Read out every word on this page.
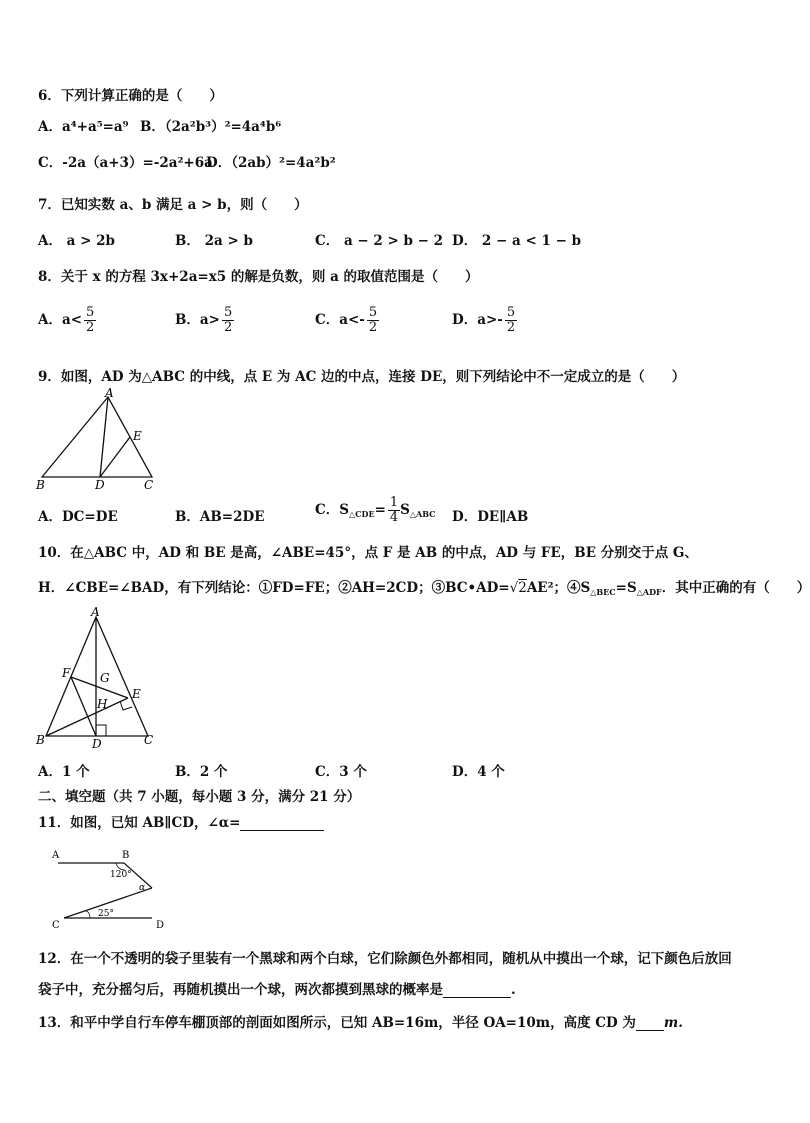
6．下列计算正确的是（　　）
A．a⁴+a⁵=a⁹ B．（2a²b³）²=4a⁴b⁶
C．-2a（a+3）=-2a²+6a
D．（2ab）²=4a²b²
7．已知实数 a、b 满足 a > b，则（　　）
A． a > 2b	B． 2a > b	C． a − 2 > b − 2 D． 2 − a < 1 − b
8．关于 x 的方程 3x+2a=x5 的解是负数，则 a 的取值范围是（　　）
A．$a< \frac{5}{2}$	B．$a> \frac{5}{2}$	C．$a<- \frac{5}{2}$	D．$a>- \frac{5}{2}$
9．如图，AD 为△ABC 的中线，点 E 为 AC 边的中点，连接 DE，则下列结论中不一定成立的是（　　）
A
B	C
D
E
A．DC=DE	B．AB=2DE	C．$S_{\triangle CDE}= \frac{1}{4} S_{\triangle ABC}$ D．DE∥AB
10．在△ABC 中，AD 和 BE 是高，∠ABE=45°，点 F 是 AB 的中点，AD 与 FE，BE 分别交于点 G、
H．∠CBE=∠BAD，有下列结论：①FD=FE；②AH=2CD；③BC•AD=√2AE²；$④S_{\triangle BEC}=S_{\triangle ADF}$．其中正确的有（　　）
A
B	C
D
E
F G
H
A．1 个	B．2 个	C．3 个	D．4 个
二、填空题（共 7 小题，每小题 3 分，满分 21 分）
11．如图，已知 AB∥CD，∠α=
A	B
C	D
120°
25°
α
12．在一个不透明的袋子里装有一个黑球和两个白球，它们除颜色外都相同，随机从中摸出一个球，记下颜色后放回
袋子中，充分摇匀后，再随机摸出一个球，两次都摸到黑球的概率是	.
13．和平中学自行车停车棚顶部的剖面如图所示，已知 AB=16m，半径 OA=10m，高度 CD 为 m.
